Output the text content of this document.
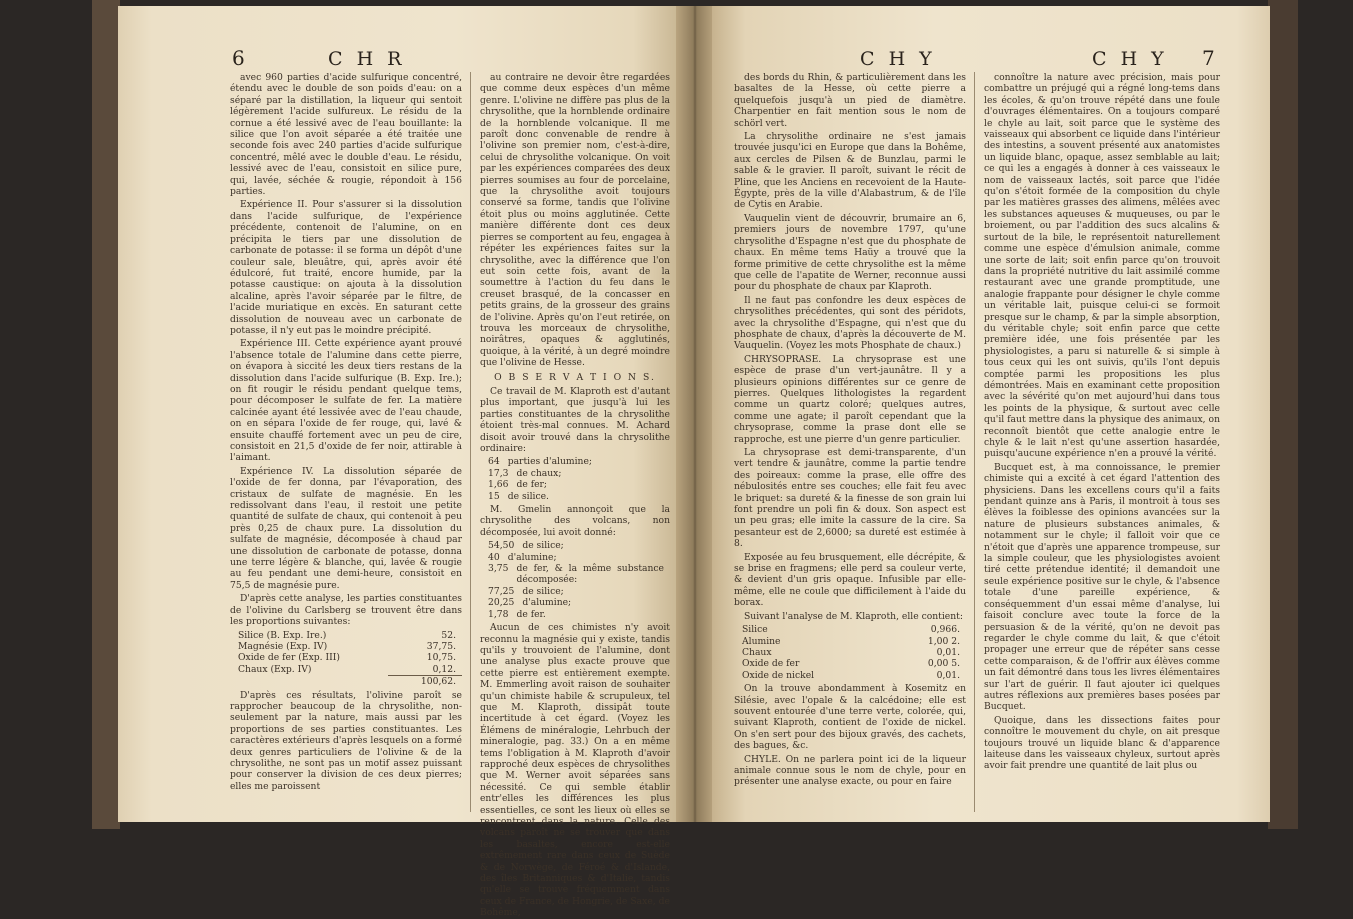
6	C H R

avec 960 parties d'acide sulfurique concentré, étendu avec le double de son poids d'eau: on a séparé par la distillation, la liqueur qui sentoit légèrement l'acide sulfureux. Le résidu de la cornue a été lessivé avec de l'eau bouillante: la silice que l'on avoit séparée a été traitée une seconde fois avec 240 parties d'acide sulfurique concentré, mêlé avec le double d'eau. Le résidu, lessivé avec de l'eau, consistoit en silice pure, qui, lavée, séchée & rougie, répondoit à 156 parties.

Expérience II. Pour s'assurer si la dissolution dans l'acide sulfurique, de l'expérience précédente, contenoit de l'alumine, on en précipita le tiers par une dissolution de carbonate de potasse: il se forma un dépôt d'une couleur sale, bleuâtre, qui, après avoir été édulcoré, fut traité, encore humide, par la potasse caustique: on ajouta à la dissolution alcaline, après l'avoir séparée par le filtre, de l'acide muriatique en excès. En saturant cette dissolution de nouveau avec un carbonate de potasse, il n'y eut pas le moindre précipité.

Expérience III. Cette expérience ayant prouvé l'absence totale de l'alumine dans cette pierre, on évapora à siccité les deux tiers restans de la dissolution dans l'acide sulfurique (B. Exp. Ire.); on fit rougir le résidu pendant quelque tems, pour décomposer le sulfate de fer. La matière calcinée ayant été lessivée avec de l'eau chaude, on en sépara l'oxide de fer rouge, qui, lavé & ensuite chauffé fortement avec un peu de cire, consistoit en 21,5 d'oxide de fer noir, attirable à l'aimant.

Expérience IV. La dissolution séparée de l'oxide de fer donna, par l'évaporation, des cristaux de sulfate de magnésie. En les redissolvant dans l'eau, il restoit une petite quantité de sulfate de chaux, qui contenoit à peu près 0,25 de chaux pure. La dissolution du sulfate de magnésie, décomposée à chaud par une dissolution de carbonate de potasse, donna une terre légère & blanche, qui, lavée & rougie au feu pendant une demi-heure, consistoit en 75,5 de magnésie pure.

D'après cette analyse, les parties constituantes de l'olivine du Carlsberg se trouvent être dans les proportions suivantes:

Silice (B. Exp. Ire.)	52.
Magnésie (Exp. IV)	37,75.
Oxide de fer (Exp. III)	10,75.
Chaux (Exp. IV)	0,12.
100,62.

D'après ces résultats, l'olivine paroît se rapprocher beaucoup de la chrysolithe, non-seulement par la nature, mais aussi par les proportions de ses parties constituantes. Les caractères extérieurs d'après lesquels on a formé deux genres particuliers de l'olivine & de la chrysolithe, ne sont pas un motif assez puissant pour conserver la division de ces deux pierres; elles me paroissent

au contraire ne devoir être regardées que comme deux espèces d'un même genre. L'olivine ne diffère pas plus de la chrysolithe, que la hornblende ordinaire de la hornblende volcanique. Il me paroît donc convenable de rendre à l'olivine son premier nom, c'est-à-dire, celui de chrysolithe volcanique. On voit par les expériences comparées des deux pierres soumises au four de porcelaine, que la chrysolithe avoit toujours conservé sa forme, tandis que l'olivine étoit plus ou moins agglutinée. Cette manière différente dont ces deux pierres se comportent au feu, engagea à répéter les expériences faites sur la chrysolithe, avec la différence que l'on eut soin cette fois, avant de la soumettre à l'action du feu dans le creuset brasqué, de la concasser en petits grains, de la grosseur des grains de l'olivine. Après qu'on l'eut retirée, on trouva les morceaux de chrysolithe, noirâtres, opaques & agglutinés, quoique, à la vérité, à un degré moindre que l'olivine de Hesse.

O B S E R V A T I O N S.

Ce travail de M. Klaproth est d'autant plus important, que jusqu'à lui les parties constituantes de la chrysolithe étoient très-mal connues. M. Achard disoit avoir trouvé dans la chrysolithe ordinaire:

64 parties d'alumine;
17,3 de chaux;
1,66 de fer;
15 de silice.

M. Gmelin annonçoit que la chrysolithe des volcans, non décomposée, lui avoit donné:

54,50 de silice;
40 d'alumine;
3,75 de fer, & la même substance décomposée:
77,25 de silice;
20,25 d'alumine;
1,78 de fer.

Aucun de ces chimistes n'y avoit reconnu la magnésie qui y existe, tandis qu'ils y trouvoient de l'alumine, dont une analyse plus exacte prouve que cette pierre est entièrement exempte. M. Emmerling avoit raison de souhaiter qu'un chimiste habile & scrupuleux, tel que M. Klaproth, dissipât toute incertitude à cet égard. (Voyez les Élémens de minéralogie, Lehrbuch der mineralogie, pag. 33.) On a en même tems l'obligation à M. Klaproth d'avoir rapproché deux espèces de chrysolithes que M. Werner avoit séparées sans nécessité. Ce qui semble établir entr'elles les différences les plus essentielles, ce sont les lieux où elles se rencontrent dans la nature. Celle des volcans paroît ne se trouver que dans les basaltes, encore est-elle extrêmement rare dans ceux de Suède & de Norwège, de Féroé & d'Islande, des îles Britanniques & d'Italie, tandis qu'elle se trouve fréquemment dans ceux de France, de Hongrie, de Saxe, de Bohême,

C H Y	C H Y 7

des bords du Rhin, & particulièrement dans les basaltes de la Hesse, où cette pierre a quelquefois jusqu'à un pied de diamètre. Charpentier en fait mention sous le nom de schörl vert.

La chrysolithe ordinaire ne s'est jamais trouvée jusqu'ici en Europe que dans la Bohême, aux cercles de Pilsen & de Bunzlau, parmi le sable & le gravier. Il paroît, suivant le récit de Pline, que les Anciens en recevoient de la Haute-Égypte, près de la ville d'Alabastrum, & de l'île de Cytis en Arabie.

Vauquelin vient de découvrir, brumaire an 6, premiers jours de novembre 1797, qu'une chrysolithe d'Espagne n'est que du phosphate de chaux. En même tems Haüy a trouvé que la forme primitive de cette chrysolithe est la même que celle de l'apatite de Werner, reconnue aussi pour du phosphate de chaux par Klaproth.

Il ne faut pas confondre les deux espèces de chrysolithes précédentes, qui sont des péridots, avec la chrysolithe d'Espagne, qui n'est que du phosphate de chaux, d'après la découverte de M. Vauquelin. (Voyez les mots Phosphate de chaux.)

CHRYSOPRASE. La chrysoprase est une espèce de prase d'un vert-jaunâtre. Il y a plusieurs opinions différentes sur ce genre de pierres. Quelques lithologistes la regardent comme un quartz coloré; quelques autres, comme une agate; il paroît cependant que la chrysoprase, comme la prase dont elle se rapproche, est une pierre d'un genre particulier.

La chrysoprase est demi-transparente, d'un vert tendre & jaunâtre, comme la partie tendre des poireaux: comme la prase, elle offre des nébulosités entre ses couches; elle fait feu avec le briquet: sa dureté & la finesse de son grain lui font prendre un poli fin & doux. Son aspect est un peu gras; elle imite la cassure de la cire. Sa pesanteur est de 2,6000; sa dureté est estimée à 8.

Exposée au feu brusquement, elle décrépite, & se brise en fragmens; elle perd sa couleur verte, & devient d'un gris opaque. Infusible par elle-même, elle ne coule que difficilement à l'aide du borax.

Suivant l'analyse de M. Klaproth, elle contient:

Silice	0,966.
Alumine	1,00 2.
Chaux	0,01.
Oxide de fer	0,00 5.
Oxide de nickel	0,01.

On la trouve abondamment à Kosemitz en Silésie, avec l'opale & la calcédoine; elle est souvent entourée d'une terre verte, colorée, qui, suivant Klaproth, contient de l'oxide de nickel. On s'en sert pour des bijoux gravés, des cachets, des bagues, &c.

CHYLE. On ne parlera point ici de la liqueur animale connue sous le nom de chyle, pour en présenter une analyse exacte, ou pour en faire

connoître la nature avec précision, mais pour combattre un préjugé qui a régné long-tems dans les écoles, & qu'on trouve répété dans une foule d'ouvrages élémentaires. On a toujours comparé le chyle au lait, soit parce que le système des vaisseaux qui absorbent ce liquide dans l'intérieur des intestins, a souvent présenté aux anatomistes un liquide blanc, opaque, assez semblable au lait; ce qui les a engagés à donner à ces vaisseaux le nom de vaisseaux lactés, soit parce que l'idée qu'on s'étoit formée de la composition du chyle par les matières grasses des alimens, mêlées avec les substances aqueuses & muqueuses, ou par le broiement, ou par l'addition des sucs alcalins & surtout de la bile, le représentoit naturellement comme une espèce d'émulsion animale, comme une sorte de lait; soit enfin parce qu'on trouvoit dans la propriété nutritive du lait assimilé comme restaurant avec une grande promptitude, une analogie frappante pour désigner le chyle comme un véritable lait, puisque celui-ci se formoit presque sur le champ, & par la simple absorption, du véritable chyle; soit enfin parce que cette première idée, une fois présentée par les physiologistes, a paru si naturelle & si simple à tous ceux qui les ont suivis, qu'ils l'ont depuis comptée parmi les propositions les plus démontrées. Mais en examinant cette proposition avec la sévérité qu'on met aujourd'hui dans tous les points de la physique, & surtout avec celle qu'il faut mettre dans la physique des animaux, on reconnoît bientôt que cette analogie entre le chyle & le lait n'est qu'une assertion hasardée, puisqu'aucune expérience n'en a prouvé la vérité.

Bucquet est, à ma connoissance, le premier chimiste qui a excité à cet égard l'attention des physiciens. Dans les excellens cours qu'il a faits pendant quinze ans à Paris, il montroit à tous ses élèves la foiblesse des opinions avancées sur la nature de plusieurs substances animales, & notamment sur le chyle; il falloit voir que ce n'étoit que d'après une apparence trompeuse, sur la simple couleur, que les physiologistes avoient tiré cette prétendue identité; il demandoit une seule expérience positive sur le chyle, & l'absence totale d'une pareille expérience, & conséquemment d'un essai même d'analyse, lui faisoit conclure avec toute la force de la persuasion & de la vérité, qu'on ne devoit pas regarder le chyle comme du lait, & que c'étoit propager une erreur que de répéter sans cesse cette comparaison, & de l'offrir aux élèves comme un fait démontré dans tous les livres élémentaires sur l'art de guérir. Il faut ajouter ici quelques autres réflexions aux premières bases posées par Bucquet.

Quoique, dans les dissections faites pour connoître le mouvement du chyle, on ait presque toujours trouvé un liquide blanc & d'apparence laiteuse dans les vaisseaux chyleux, surtout après avoir fait prendre une quantité de lait plus ou
